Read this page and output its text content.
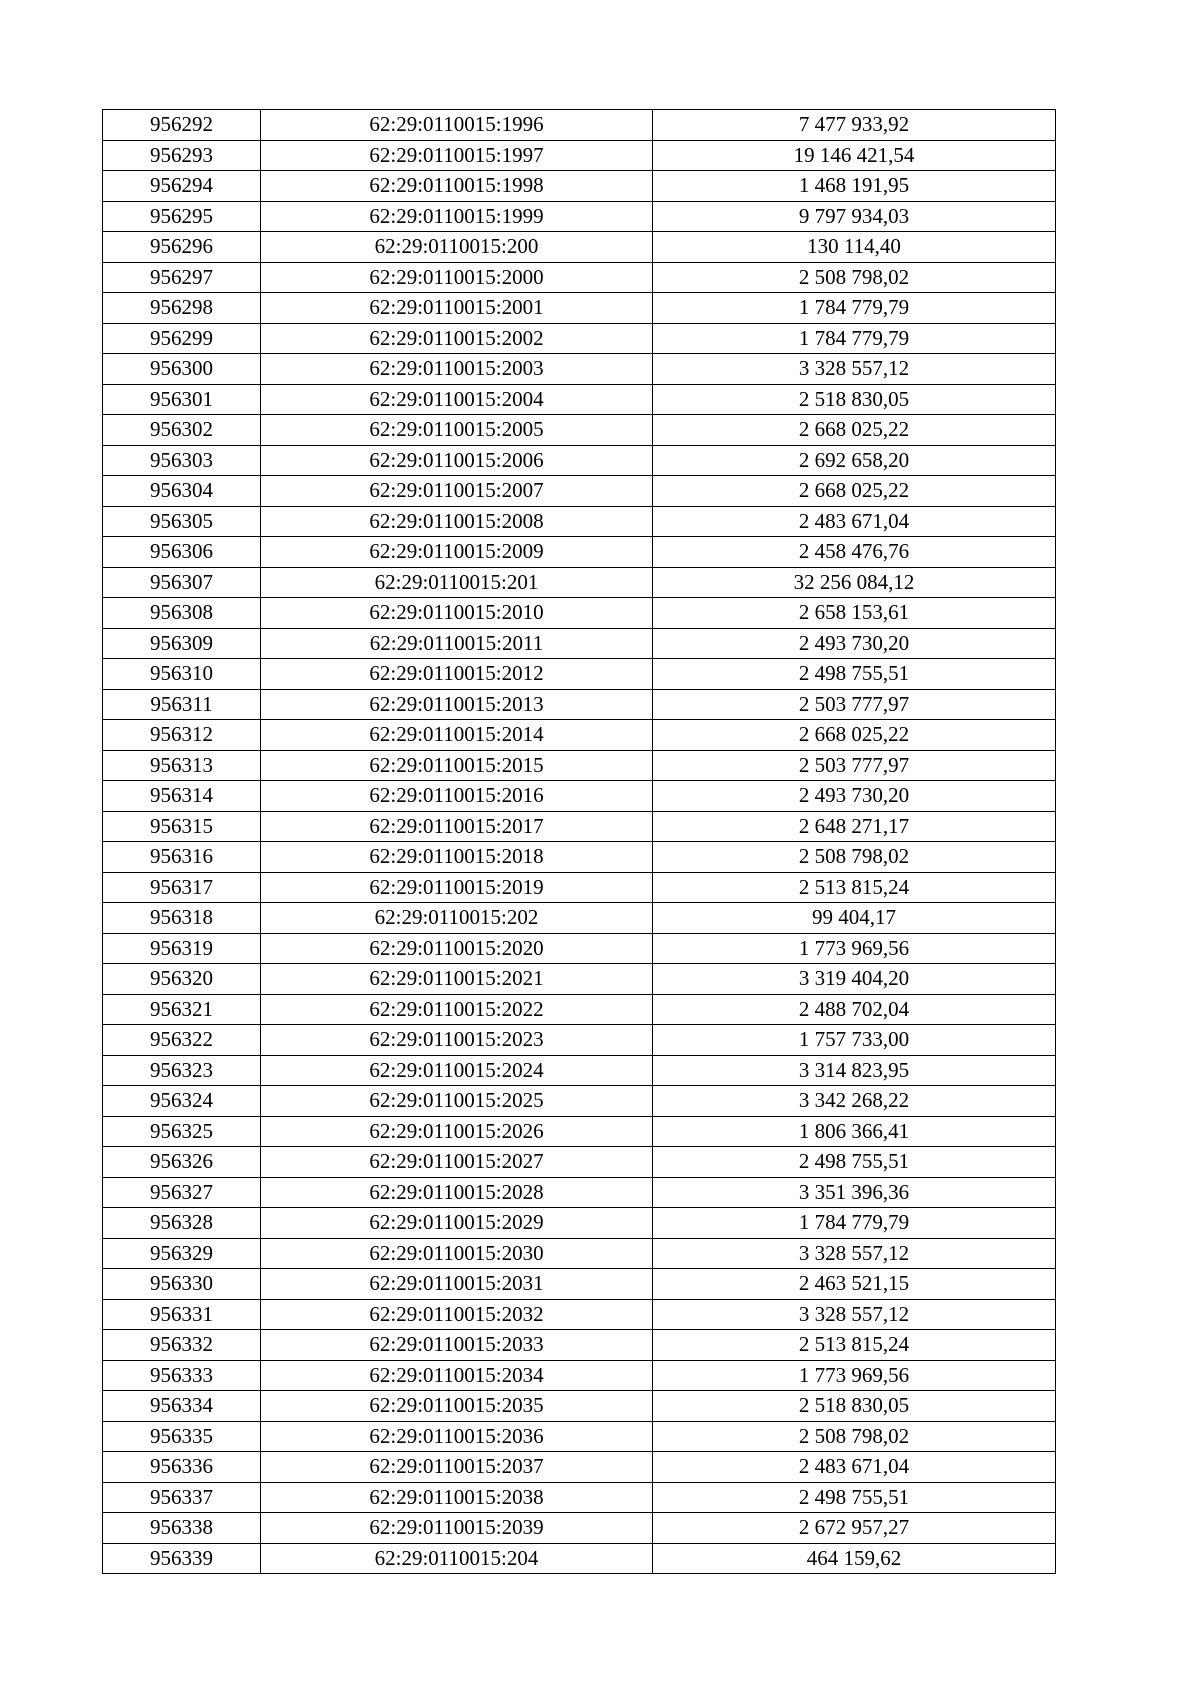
956292	62:29:0110015:1996	7 477 933,92
956293	62:29:0110015:1997	19 146 421,54
956294	62:29:0110015:1998	1 468 191,95
956295	62:29:0110015:1999	9 797 934,03
956296	62:29:0110015:200	130 114,40
956297	62:29:0110015:2000	2 508 798,02
956298	62:29:0110015:2001	1 784 779,79
956299	62:29:0110015:2002	1 784 779,79
956300	62:29:0110015:2003	3 328 557,12
956301	62:29:0110015:2004	2 518 830,05
956302	62:29:0110015:2005	2 668 025,22
956303	62:29:0110015:2006	2 692 658,20
956304	62:29:0110015:2007	2 668 025,22
956305	62:29:0110015:2008	2 483 671,04
956306	62:29:0110015:2009	2 458 476,76
956307	62:29:0110015:201	32 256 084,12
956308	62:29:0110015:2010	2 658 153,61
956309	62:29:0110015:2011	2 493 730,20
956310	62:29:0110015:2012	2 498 755,51
956311	62:29:0110015:2013	2 503 777,97
956312	62:29:0110015:2014	2 668 025,22
956313	62:29:0110015:2015	2 503 777,97
956314	62:29:0110015:2016	2 493 730,20
956315	62:29:0110015:2017	2 648 271,17
956316	62:29:0110015:2018	2 508 798,02
956317	62:29:0110015:2019	2 513 815,24
956318	62:29:0110015:202	99 404,17
956319	62:29:0110015:2020	1 773 969,56
956320	62:29:0110015:2021	3 319 404,20
956321	62:29:0110015:2022	2 488 702,04
956322	62:29:0110015:2023	1 757 733,00
956323	62:29:0110015:2024	3 314 823,95
956324	62:29:0110015:2025	3 342 268,22
956325	62:29:0110015:2026	1 806 366,41
956326	62:29:0110015:2027	2 498 755,51
956327	62:29:0110015:2028	3 351 396,36
956328	62:29:0110015:2029	1 784 779,79
956329	62:29:0110015:2030	3 328 557,12
956330	62:29:0110015:2031	2 463 521,15
956331	62:29:0110015:2032	3 328 557,12
956332	62:29:0110015:2033	2 513 815,24
956333	62:29:0110015:2034	1 773 969,56
956334	62:29:0110015:2035	2 518 830,05
956335	62:29:0110015:2036	2 508 798,02
956336	62:29:0110015:2037	2 483 671,04
956337	62:29:0110015:2038	2 498 755,51
956338	62:29:0110015:2039	2 672 957,27
956339	62:29:0110015:204	464 159,62
